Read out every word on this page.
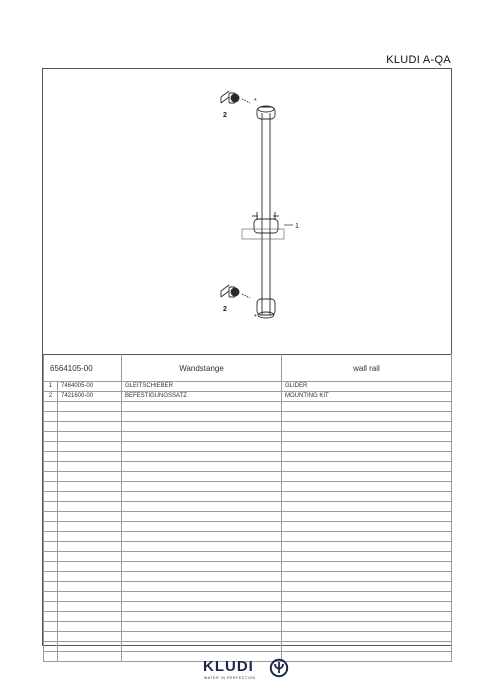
KLUDI A-QA
*
*
1
2
2
6564105-00		Wandstange	wall rail
1	7464005-00	GLEITSCHIEBER	GLIDER
2	7421600-00	BEFESTIGUNGSSATZ	MOUNTING KIT

KLUDI
WATER IN PERFECTION
